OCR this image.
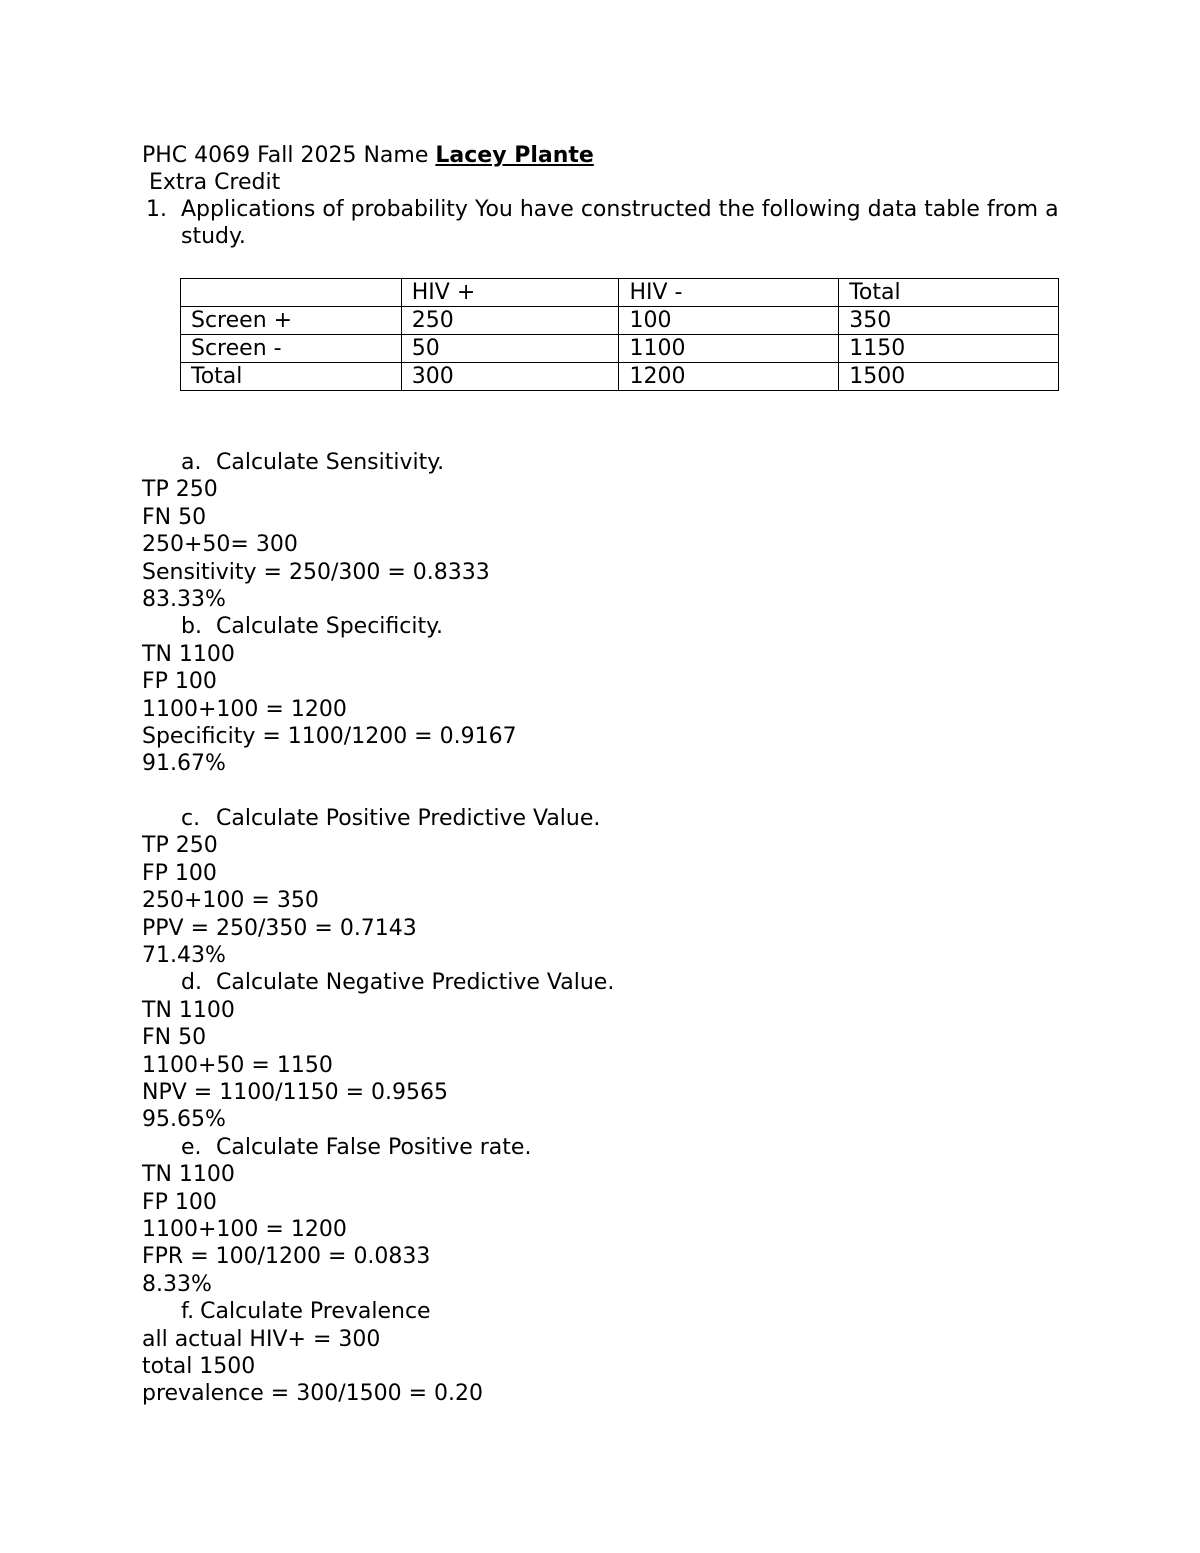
PHC 4069 Fall 2025 Name Lacey Plante
Extra Credit
1. Applications of probability You have constructed the following data table from a study.
	HIV +	HIV -	Total
Screen +	250	100	350
Screen -	50	1100	1150
Total	300	1200	1500
a. Calculate Sensitivity.
TP 250
FN 50
250+50= 300
Sensitivity = 250/300 = 0.8333
83.33%
b. Calculate Specificity.
TN 1100
FP 100
1100+100 = 1200
Specificity = 1100/1200 = 0.9167
91.67%
c. Calculate Positive Predictive Value.
TP 250
FP 100
250+100 = 350
PPV = 250/350 = 0.7143
71.43%
d. Calculate Negative Predictive Value.
TN 1100
FN 50
1100+50 = 1150
NPV = 1100/1150 = 0.9565
95.65%
e. Calculate False Positive rate.
TN 1100
FP 100
1100+100 = 1200
FPR = 100/1200 = 0.0833
8.33%
f. Calculate Prevalence
all actual HIV+ = 300
total 1500
prevalence = 300/1500 = 0.20
